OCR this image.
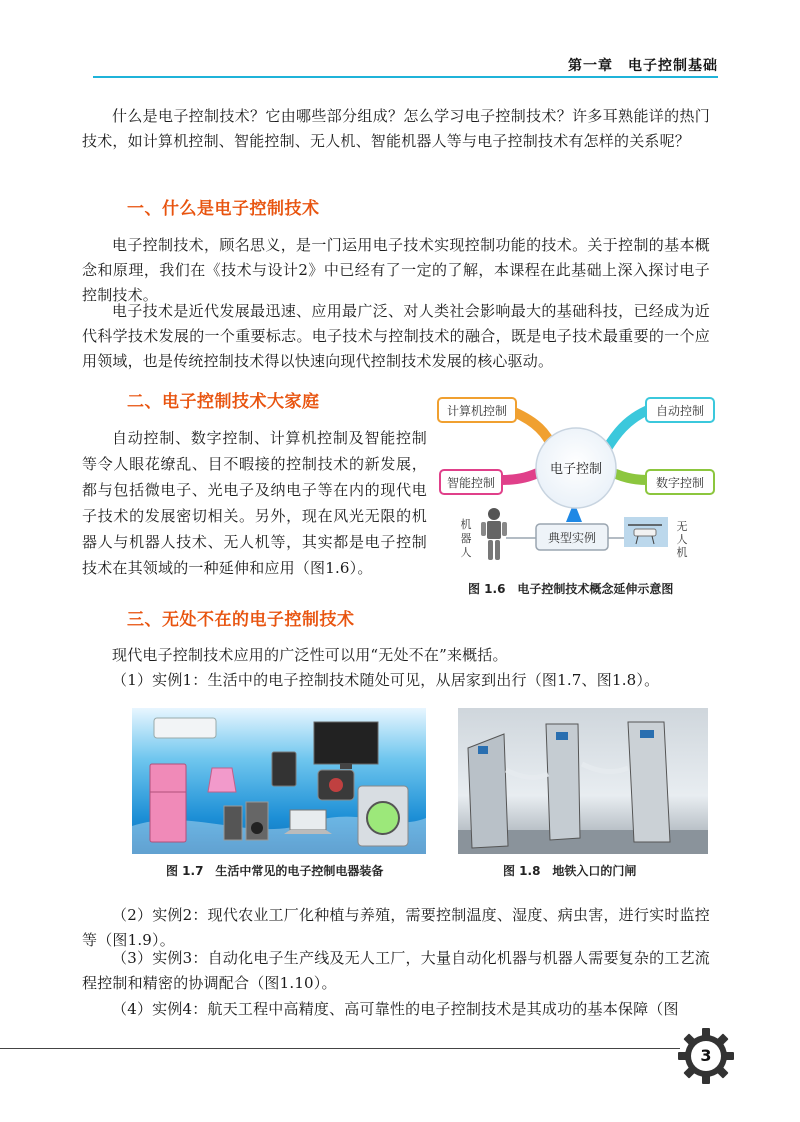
第一章　电子控制基础

什么是电子控制技术？它由哪些部分组成？怎么学习电子控制技术？许多耳熟能详的热门技术，如计算机控制、智能控制、无人机、智能机器人等与电子控制技术有怎样的关系呢？

一、什么是电子控制技术

电子控制技术，顾名思义，是一门运用电子技术实现控制功能的技术。关于控制的基本概念和原理，我们在《技术与设计2》中已经有了一定的了解，本课程在此基础上深入探讨电子控制技术。

电子技术是近代发展最迅速、应用最广泛、对人类社会影响最大的基础科技，已经成为近代科学技术发展的一个重要标志。电子技术与控制技术的融合，既是电子技术最重要的一个应用领域，也是传统控制技术得以快速向现代控制技术发展的核心驱动。

二、电子控制技术大家庭

自动控制、数字控制、计算机控制及智能控制等令人眼花缭乱、目不暇接的控制技术的新发展，都与包括微电子、光电子及纳电子等在内的现代电子技术的发展密切相关。另外，现在风光无限的机器人与机器人技术、无人机等，其实都是电子控制技术在其领域的一种延伸和应用（图1.6）。

电子控制
计算机控制	自动控制
智能控制	数字控制
典型实例
机
器
人
无
人
机

图 1.6　电子控制技术概念延伸示意图

三、无处不在的电子控制技术

现代电子控制技术应用的广泛性可以用“无处不在”来概括。

（1）实例1：生活中的电子控制技术随处可见，从居家到出行（图1.7、图1.8）。

图 1.7　生活中常见的电子控制电器装备	图 1.8　地铁入口的门闸

（2）实例2：现代农业工厂化种植与养殖，需要控制温度、湿度、病虫害，进行实时监控等（图1.9）。

（3）实例3：自动化电子生产线及无人工厂，大量自动化机器与机器人需要复杂的工艺流程控制和精密的协调配合（图1.10）。

（4）实例4：航天工程中高精度、高可靠性的电子控制技术是其成功的基本保障（图

3
